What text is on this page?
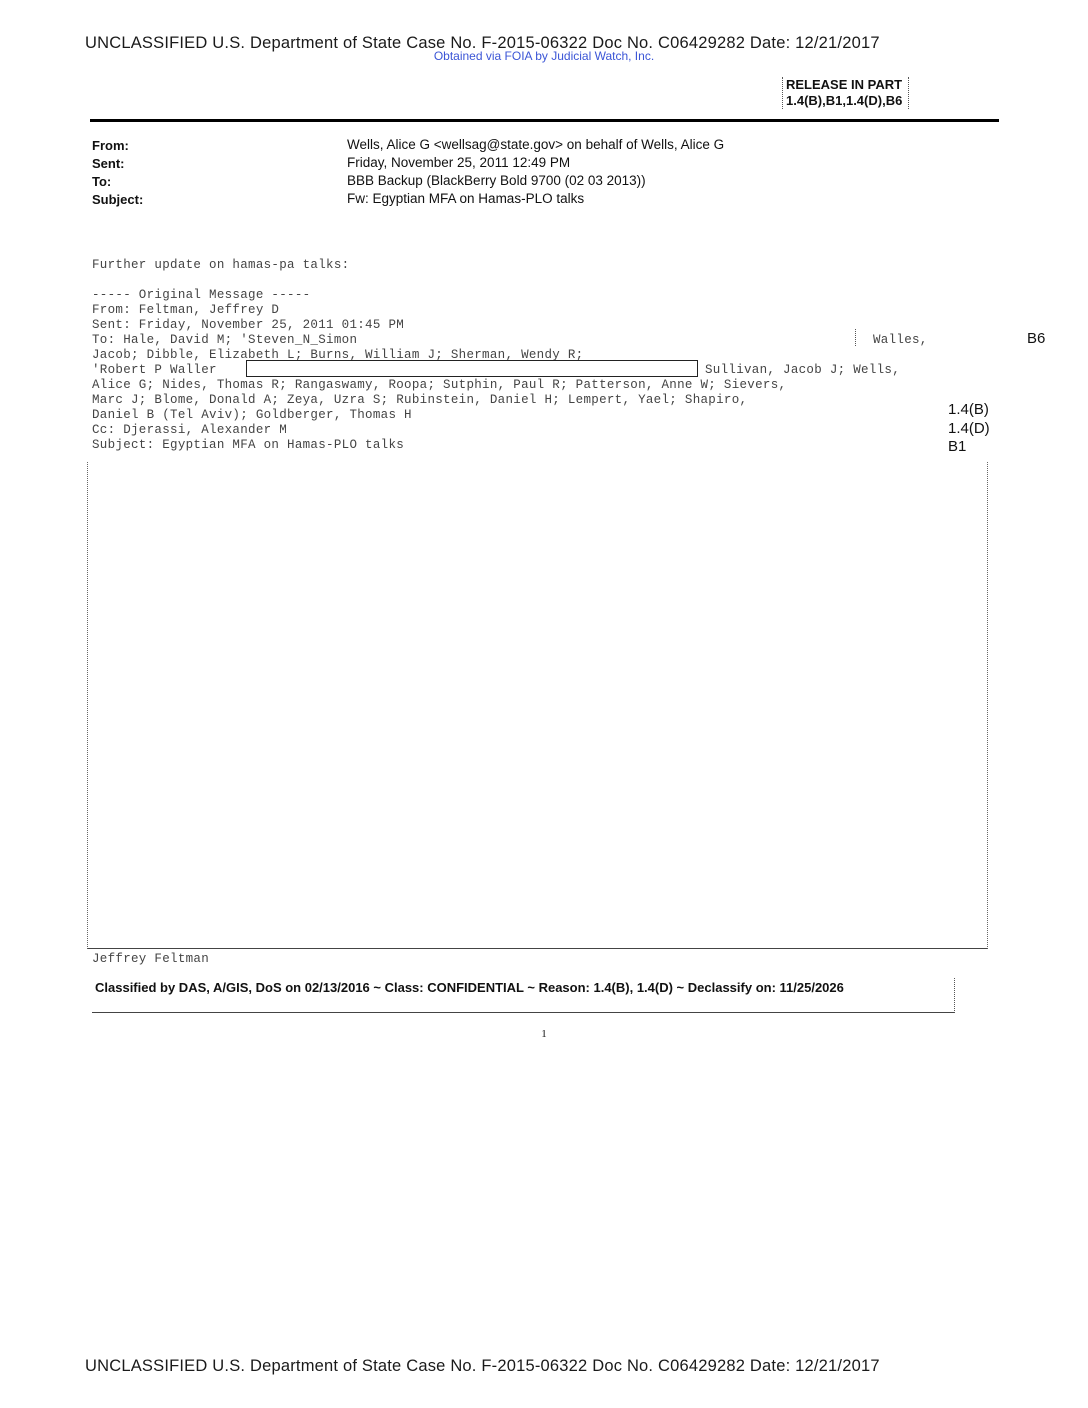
UNCLASSIFIED U.S. Department of State Case No. F-2015-06322 Doc No. C06429282 Date: 12/21/2017
Obtained via FOIA by Judicial Watch, Inc.
RELEASE IN PART
1.4(B),B1,1.4(D),B6
From:	Wells, Alice G <wellsag@state.gov> on behalf of Wells, Alice G
Sent:	Friday, November 25, 2011 12:49 PM
To:	BBB Backup (BlackBerry Bold 9700 (02 03 2013))
Subject:	Fw: Egyptian MFA on Hamas-PLO talks
Further update on hamas-pa talks:
----- Original Message -----
From: Feltman, Jeffrey D
Sent: Friday, November 25, 2011 01:45 PM
To: Hale, David M; 'Steven_N_Simon	Walles,	B6
Jacob; Dibble, Elizabeth L; Burns, William J; Sherman, Wendy R;
'Robert P Waller	Sullivan, Jacob J; Wells,
Alice G; Nides, Thomas R; Rangaswamy, Roopa; Sutphin, Paul R; Patterson, Anne W; Sievers,
Marc J; Blome, Donald A; Zeya, Uzra S; Rubinstein, Daniel H; Lempert, Yael; Shapiro,
Daniel B (Tel Aviv); Goldberger, Thomas H
Cc: Djerassi, Alexander M
Subject: Egyptian MFA on Hamas-PLO talks
1.4(B)
1.4(D)
B1
Jeffrey Feltman
Classified by DAS, A/GIS, DoS on 02/13/2016 ~ Class: CONFIDENTIAL ~ Reason: 1.4(B), 1.4(D) ~ Declassify on: 11/25/2026
1
UNCLASSIFIED U.S. Department of State Case No. F-2015-06322 Doc No. C06429282 Date: 12/21/2017
